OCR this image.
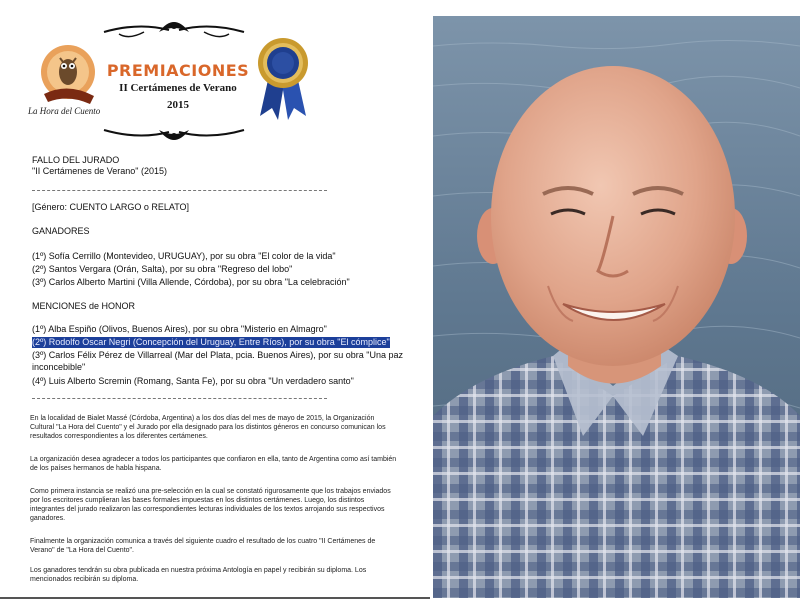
La Hora del Cuento
PREMIACIONES
II Certámenes de Verano
2015
FALLO DEL JURADO
"II Certámenes de Verano" (2015)
[Género: CUENTO LARGO o RELATO]
GANADORES
(1º) Sofía Cerrillo (Montevideo, URUGUAY), por su obra "El color de la vida"
(2º) Santos Vergara (Orán, Salta), por su obra "Regreso del lobo"
(3º) Carlos Alberto Martini (Villa Allende, Córdoba), por su obra "La celebración"
MENCIONES de HONOR
(1º) Alba Espiño (Olivos, Buenos Aires), por su obra "Misterio en Almagro"
(2º) Rodolfo Oscar Negri (Concepción del Uruguay, Entre Ríos), por su obra "El cómplice"
(3º) Carlos Félix Pérez de Villarreal (Mar del Plata, pcia. Buenos Aires), por su obra "Una paz
inconcebible"
(4º) Luis Alberto Scremin (Romang, Santa Fe), por su obra "Un verdadero santo"
En la localidad de Bialet Massé (Córdoba, Argentina) a los dos días del mes de mayo de 2015, la Organización Cultural "La Hora del Cuento" y el Jurado por ella designado para los distintos géneros en concurso comunican los resultados correspondientes a los diferentes certámenes.
La organización desea agradecer a todos los participantes que confiaron en ella, tanto de Argentina como así también de los países hermanos de habla hispana.
Como primera instancia se realizó una pre-selección en la cual se constató rigurosamente que los trabajos enviados por los escritores cumplieran las bases formales impuestas en los distintos certámenes. Luego, los distintos integrantes del jurado realizaron las correspondientes lecturas individuales de los textos arrojando sus respectivos ganadores.
Finalmente la organización comunica a través del siguiente cuadro el resultado de los cuatro "II Certámenes de Verano" de "La Hora del Cuento".
Los ganadores tendrán su obra publicada en nuestra próxima Antología en papel y recibirán su diploma. Los mencionados recibirán su diploma.
